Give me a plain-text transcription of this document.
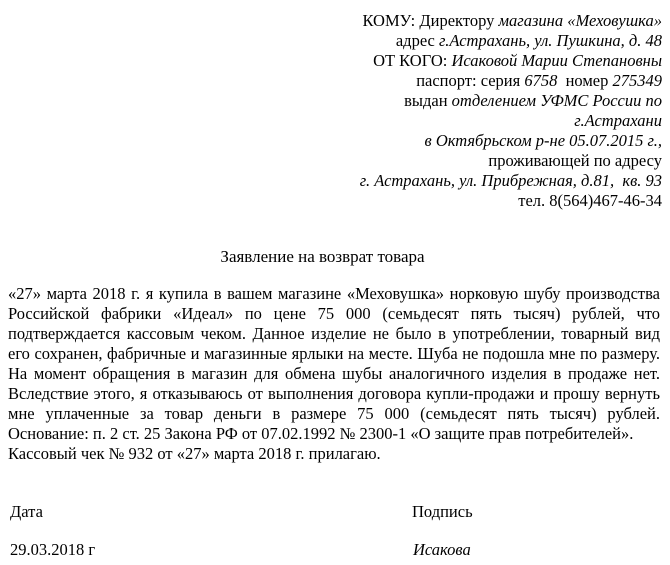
КОМУ: Директору магазина «Меховушка»
адрес г.Астрахань, ул. Пушкина, д. 48
ОТ КОГО: Исаковой Марии Степановны
паспорт: серия 6758  номер 275349
выдан отделением УФМС России по
г.Астрахани
в Октябрьском р-не 05.07.2015 г.,
проживающей по адресу
г. Астрахань, ул. Прибрежная, д.81,  кв. 93
тел. 8(564)467-46-34
Заявление на возврат товара

«27» марта 2018 г. я купила в вашем магазине «Меховушка» норковую шубу производства Российской фабрики «Идеал» по цене 75 000 (семьдесят пять тысяч) рублей, что подтверждается кассовым чеком. Данное изделие не было в употреблении, товарный вид его сохранен, фабричные и магазинные ярлыки на месте. Шуба не подошла мне по размеру. На момент обращения в магазин для обмена шубы аналогичного изделия в продаже нет. Вследствие этого, я отказываюсь от выполнения договора купли-продажи и прошу вернуть мне уплаченные за товар деньги в размере 75 000 (семьдесят пять тысяч) рублей. Основание: п. 2 ст. 25 Закона РФ от 07.02.1992 № 2300-1 «О защите прав потребителей».

Кассовый чек № 932 от «27» марта 2018 г. прилагаю.

Дата	Подпись
29.03.2018 г	Исакова
